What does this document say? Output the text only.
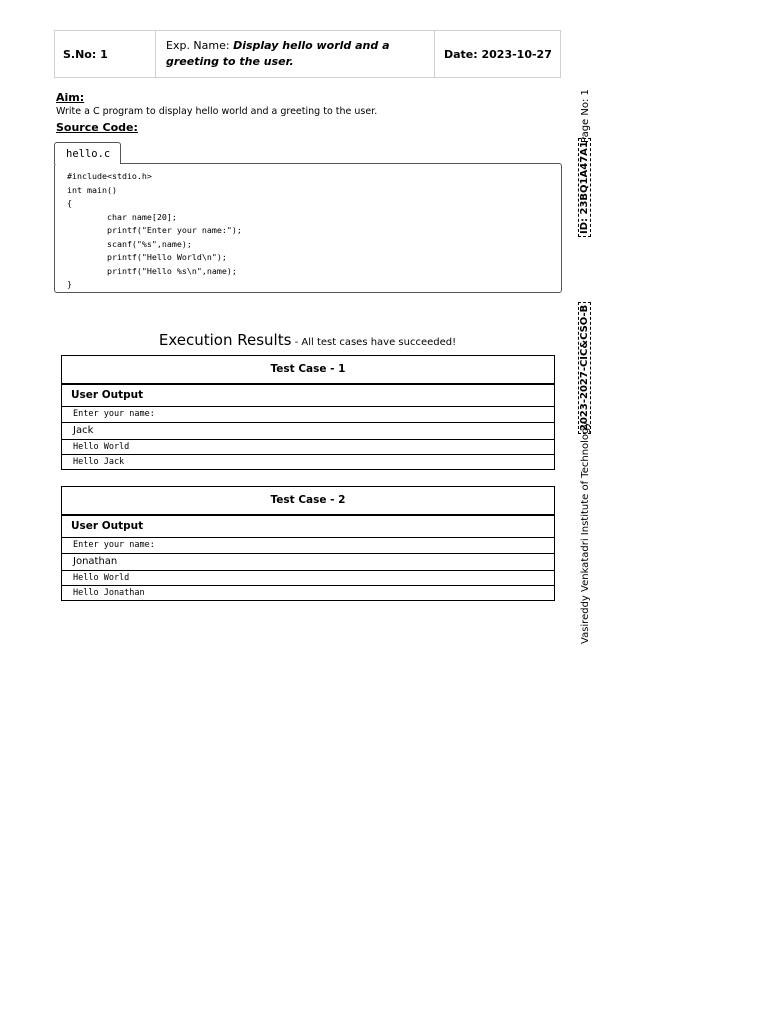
S.No: 1
Exp. Name: Display hello world and a greeting to the user.
Date: 2023-10-27
Aim:
Write a C program to display hello world and a greeting to the user.
Source Code:
hello.c
#include<stdio.h>
int main()
{
char name[20];
printf("Enter your name:");
scanf("%s",name);
printf("Hello World\n");
printf("Hello %s\n",name);
}
Execution Results - All test cases have succeeded!
Test Case - 1
User Output
Enter your name:
Jack
Hello World
Hello Jack
Test Case - 2
User Output
Enter your name:
Jonathan
Hello World
Hello Jonathan
Page No: 1
ID: 23BQ1A47A1
2023-2027-CIC&CSO-B
Vasireddy Venkatadri Institute of Technology
